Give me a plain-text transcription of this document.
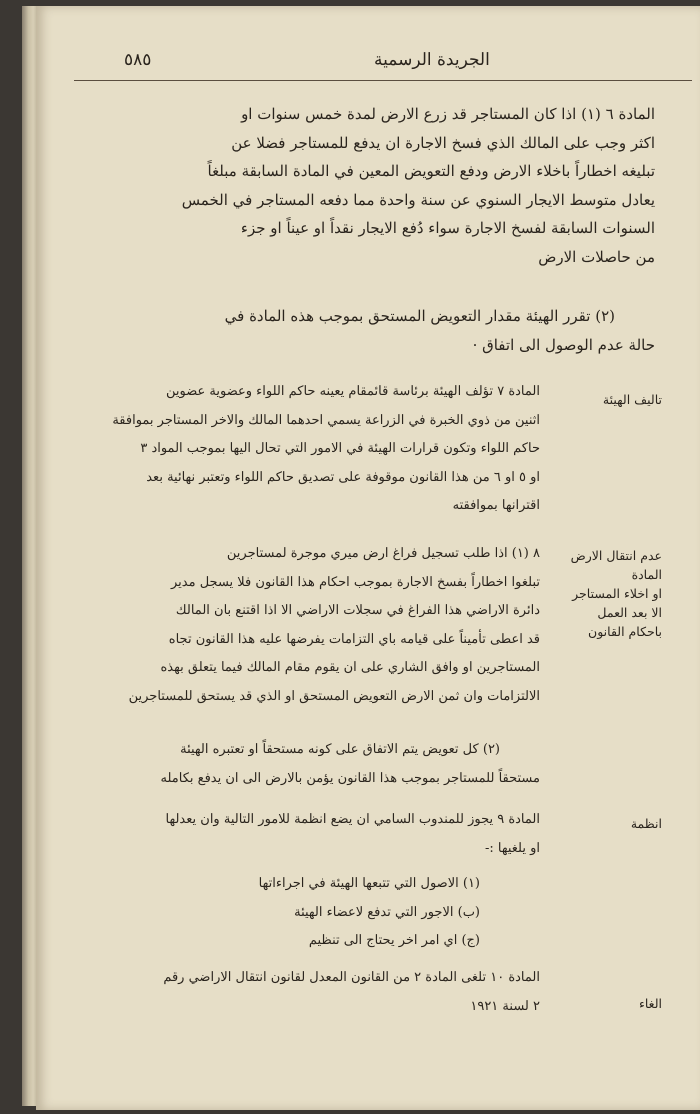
٥٨٥	الجريدة الرسمية
المادة ٦ (١) اذا كان المستاجر قد زرع الارض لمدة خمس سنوات او
اكثر وجب على المالك الذي فسخ الاجارة ان يدفع للمستاجر فضلا عن
تبليغه اخطاراً باخلاء الارض ودفع التعويض المعين في المادة السابقة مبلغاً
يعادل متوسط الايجار السنوي عن سنة واحدة مما دفعه المستاجر في الخمس
السنوات السابقة لفسخ الاجارة سواء دُفع الايجار نقداً او عيناً او جزء
من حاصلات الارض
(٢) تقرر الهيئة مقدار التعويض المستحق بموجب هذه المادة في
حالة عدم الوصول الى اتفاق ·
تاليف الهيئة
المادة ٧ تؤلف الهيئة برئاسة قائمقام يعينه حاكم اللواء وعضوية عضوين
اثنين من ذوي الخبرة في الزراعة يسمي احدهما المالك والاخر المستاجر بموافقة
حاكم اللواء وتكون قرارات الهيئة في الامور التي تحال اليها بموجب المواد ٣
او ٥ او ٦ من هذا القانون موقوفة على تصديق حاكم اللواء وتعتبر نهائية بعد
اقترانها بموافقته
عدم انتقال الارض المادة
او اخلاء المستاجر
الا بعد العمل
باحكام القانون
٨ (١) اذا طلب تسجيل فراغ ارض ميري موجرة لمستاجرين
تبلغوا اخطاراً بفسخ الاجارة بموجب احكام هذا القانون فلا يسجل مدير
دائرة الاراضي هذا الفراغ في سجلات الاراضي الا اذا اقتنع بان المالك
قد اعطى تأميناً على قيامه باي التزامات يفرضها عليه هذا القانون تجاه
المستاجرين او وافق الشاري على ان يقوم مقام المالك فيما يتعلق بهذه
الالتزامات وان ثمن الارض التعويض المستحق او الذي قد يستحق للمستاجرين
(٢) كل تعويض يتم الاتفاق على كونه مستحقاً او تعتبره الهيئة
مستحقاً للمستاجر بموجب هذا القانون يؤمن بالارض الى ان يدفع بكامله
انظمة
المادة ٩ يجوز للمندوب السامي ان يضع انظمة للامور التالية وان يعدلها
او يلغيها :-
(١) الاصول التي تتبعها الهيئة في اجراءاتها
(ب) الاجور التي تدفع لاعضاء الهيئة
(ج) اي امر اخر يحتاج الى تنظيم
الغاء
المادة ١٠ تلغى المادة ٢ من القانون المعدل لقانون انتقال الاراضي رقم
٢ لسنة ١٩٢١
